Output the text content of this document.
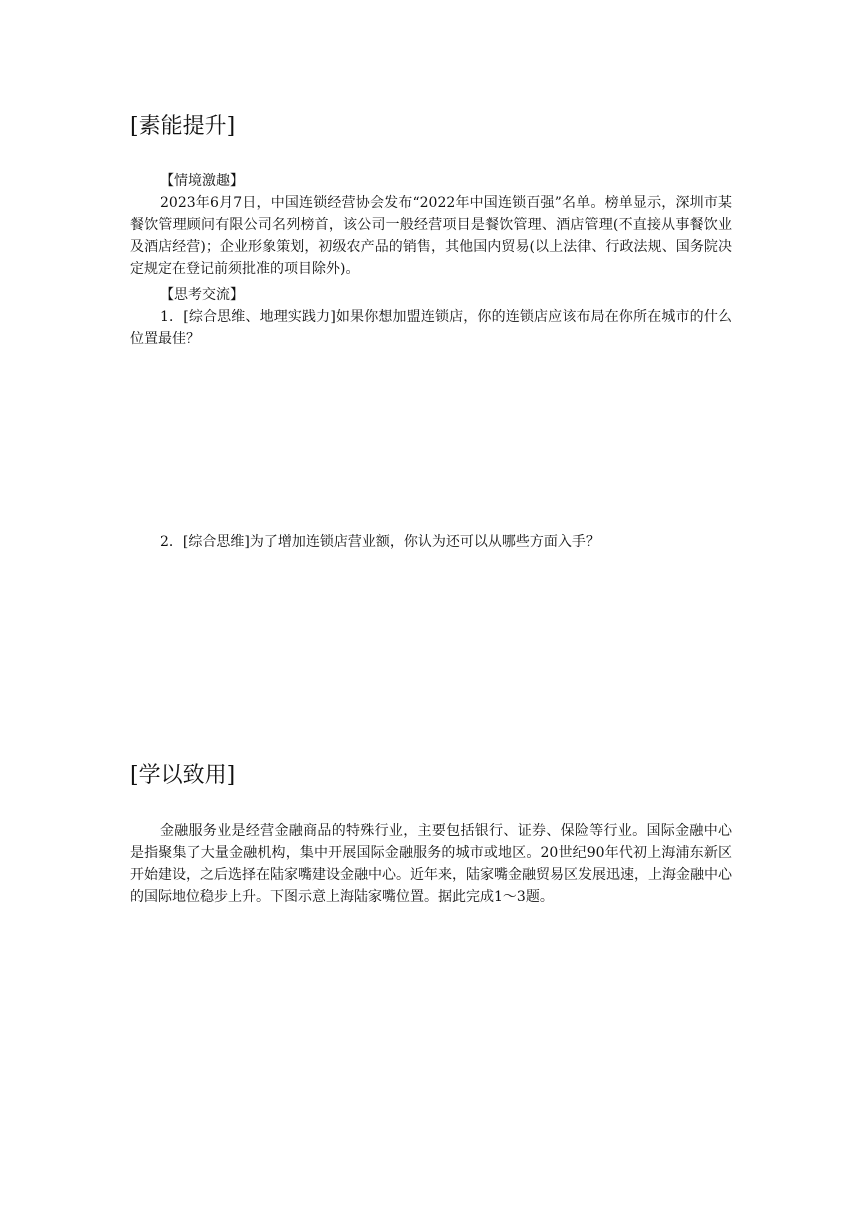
[素能提升]

【情境激趣】

2023年6月7日，中国连锁经营协会发布“2022年中国连锁百强”名单。榜单显示，深圳市某餐饮管理顾问有限公司名列榜首，该公司一般经营项目是餐饮管理、酒店管理(不直接从事餐饮业及酒店经营)；企业形象策划，初级农产品的销售，其他国内贸易(以上法律、行政法规、国务院决定规定在登记前须批准的项目除外)。

【思考交流】

1．[综合思维、地理实践力]如果你想加盟连锁店，你的连锁店应该布局在你所在城市的什么位置最佳？

2．[综合思维]为了增加连锁店营业额，你认为还可以从哪些方面入手？

[学以致用]

金融服务业是经营金融商品的特殊行业，主要包括银行、证券、保险等行业。国际金融中心是指聚集了大量金融机构，集中开展国际金融服务的城市或地区。20世纪90年代初上海浦东新区开始建设，之后选择在陆家嘴建设金融中心。近年来，陆家嘴金融贸易区发展迅速，上海金融中心的国际地位稳步上升。下图示意上海陆家嘴位置。据此完成1～3题。
